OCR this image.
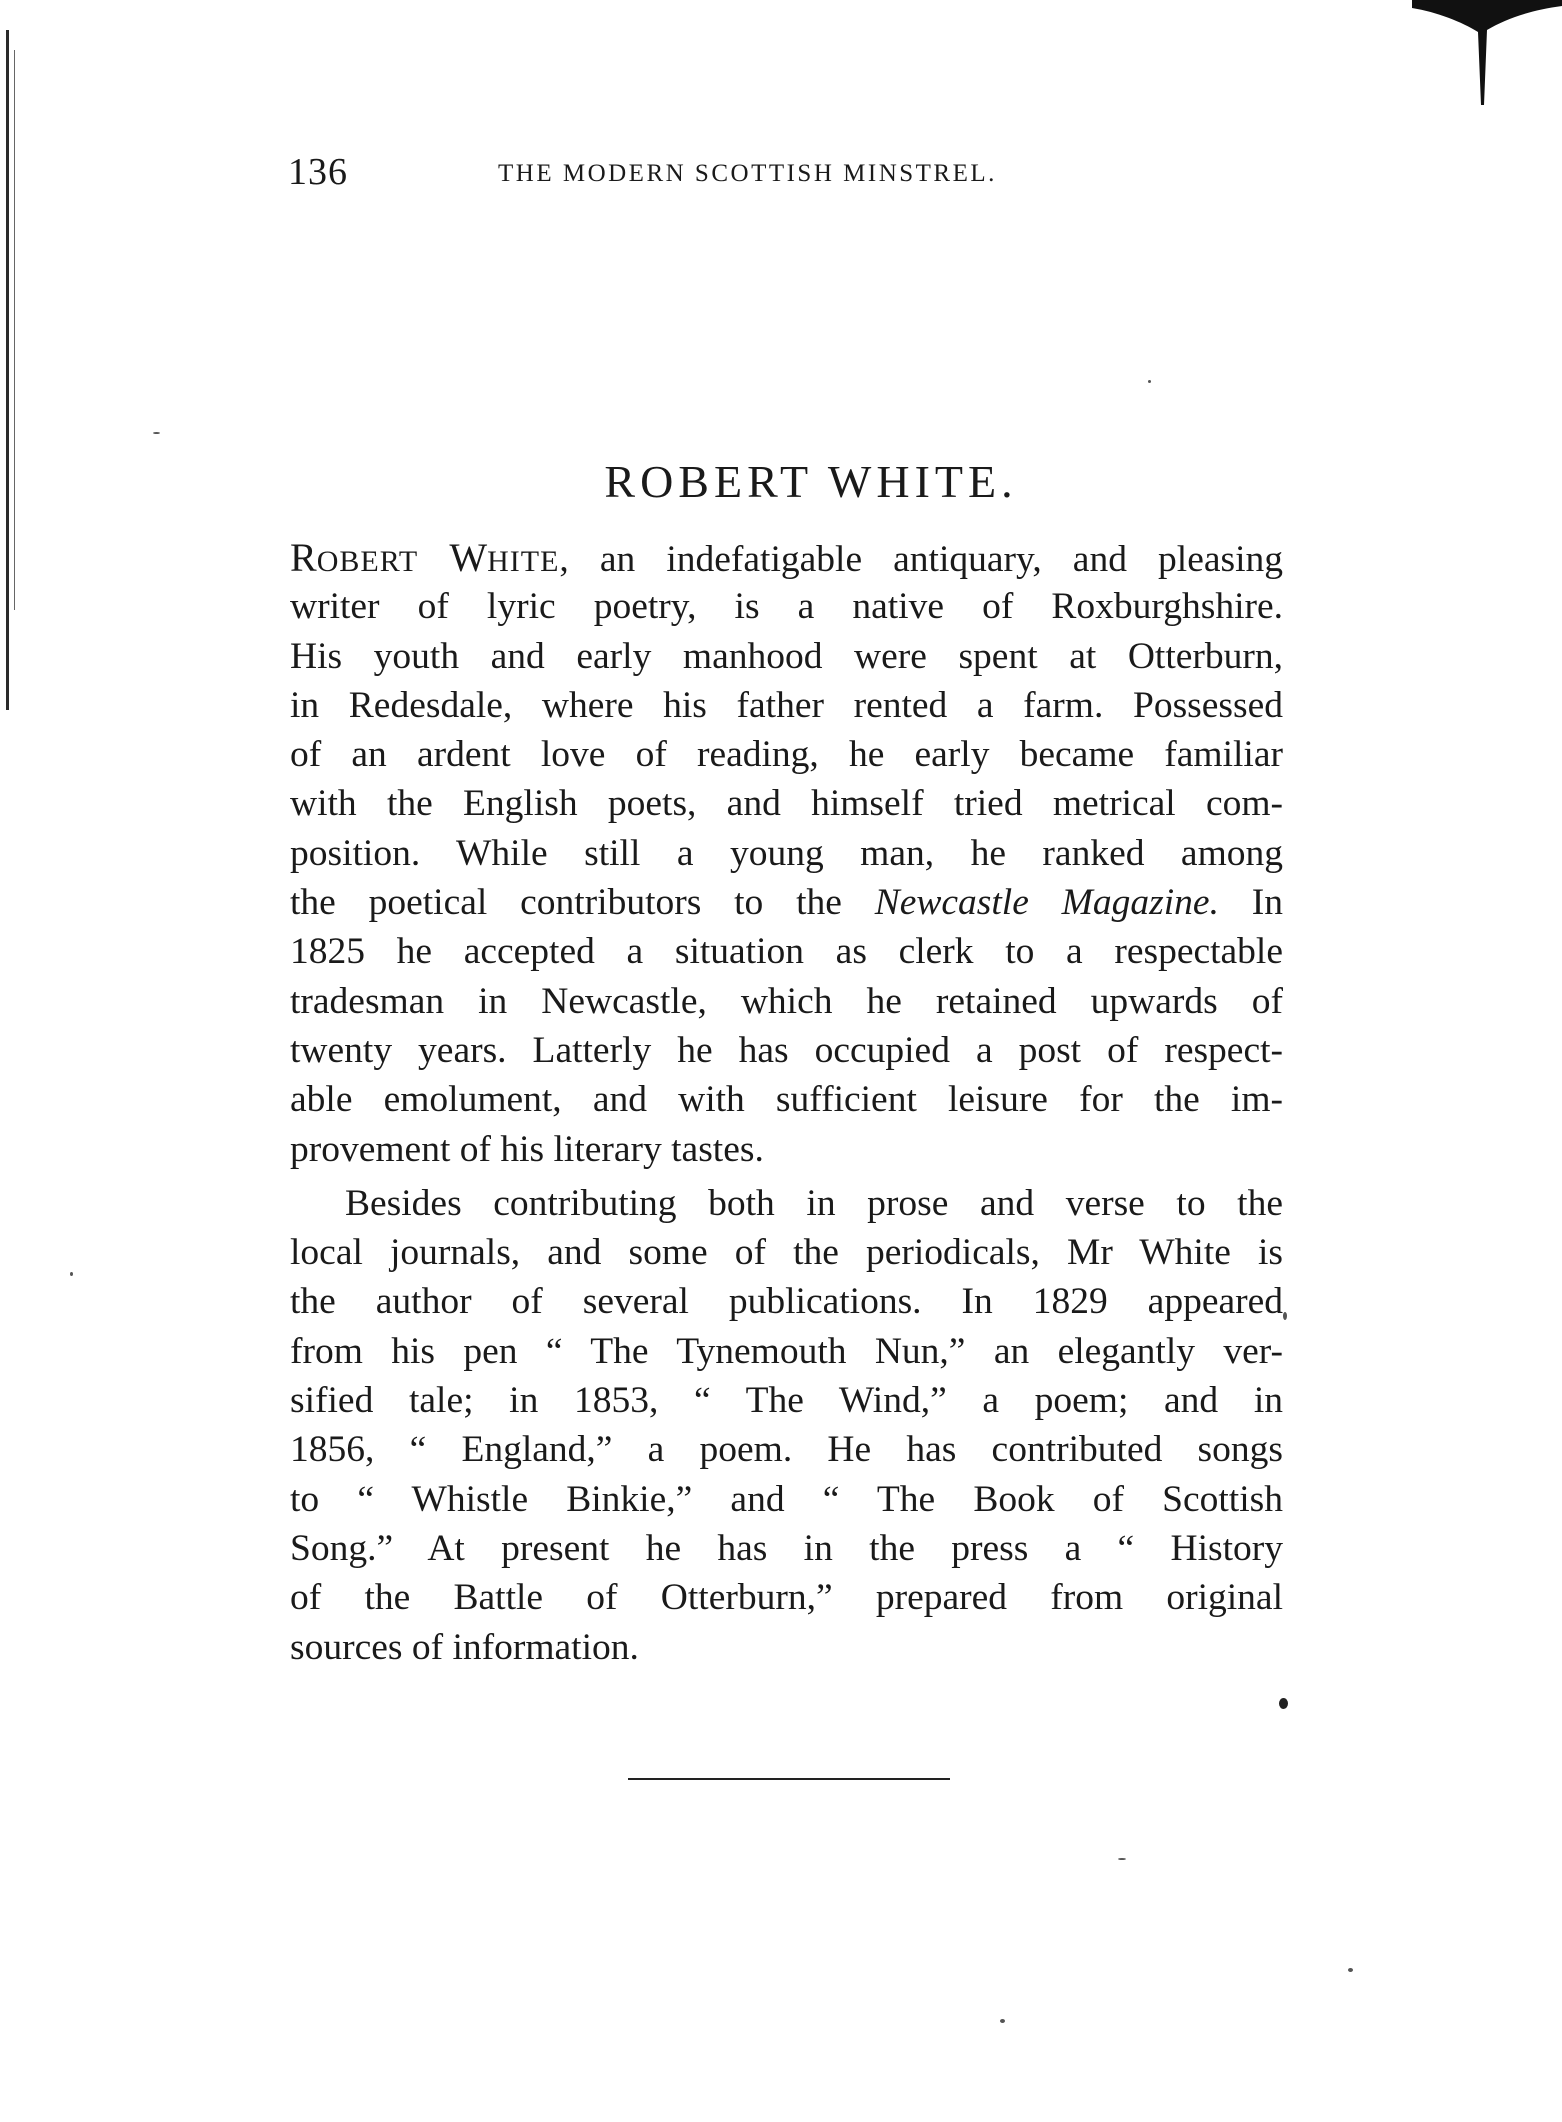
136	THE MODERN SCOTTISH MINSTREL.
ROBERT WHITE.
ROBERT WHITE, an indefatigable antiquary, and pleasing
writer of lyric poetry, is a native of Roxburghshire.
His youth and early manhood were spent at Otterburn,
in Redesdale, where his father rented a farm. Possessed
of an ardent love of reading, he early became familiar
with the English poets, and himself tried metrical com-
position. While still a young man, he ranked among
the poetical contributors to the Newcastle Magazine. In
1825 he accepted a situation as clerk to a respectable
tradesman in Newcastle, which he retained upwards of
twenty years. Latterly he has occupied a post of respect-
able emolument, and with sufficient leisure for the im-
provement of his literary tastes.
Besides contributing both in prose and verse to the
local journals, and some of the periodicals, Mr White is
the author of several publications. In 1829 appeared
from his pen “ The Tynemouth Nun,” an elegantly ver-
sified tale; in 1853, “ The Wind,” a poem; and in
1856, “ England,” a poem. He has contributed songs
to “ Whistle Binkie,” and “ The Book of Scottish
Song.” At present he has in the press a “ History
of the Battle of Otterburn,” prepared from original
sources of information.
